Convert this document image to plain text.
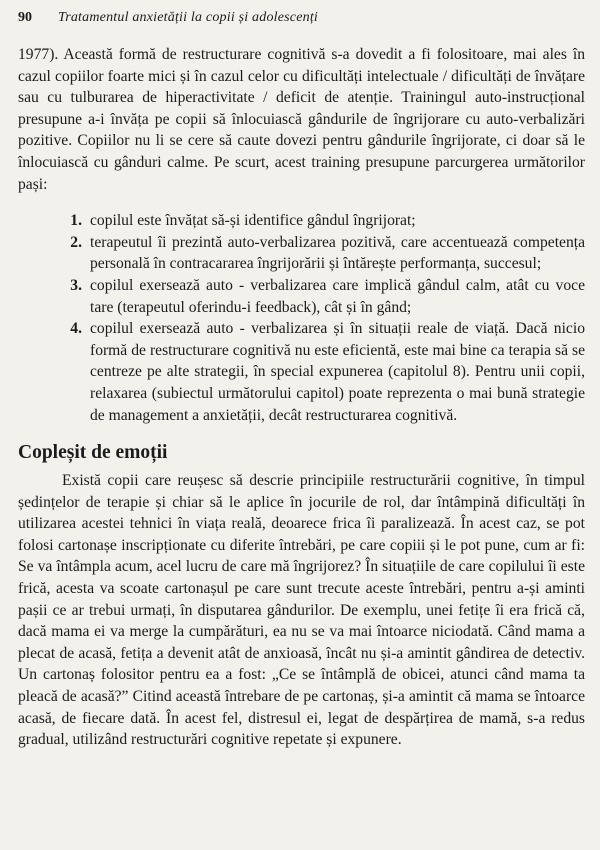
90	Tratamentul anxietății la copii și adolescenți

1977). Această formă de restructurare cognitivă s-a dovedit a fi folositoare, mai ales în cazul copiilor foarte mici și în cazul celor cu dificultăți intelectuale / dificultăți de învățare sau cu tulburarea de hiperactivitate / deficit de atenție. Trainingul auto-instrucțional presupune a-i învăța pe copii să înlocuiască gândurile de îngrijorare cu auto-verbalizări pozitive. Copiilor nu li se cere să caute dovezi pentru gândurile îngrijorate, ci doar să le înlocuiască cu gânduri calme. Pe scurt, acest training presupune parcurgerea următorilor pași:

1. copilul este învățat să-și identifice gândul îngrijorat;
2. terapeutul îi prezintă auto-verbalizarea pozitivă, care accentuează competența personală în contracararea îngrijorării și întărește performanța, succesul;
3. copilul exersează auto - verbalizarea care implică gândul calm, atât cu voce tare (terapeutul oferindu-i feedback), cât și în gând;
4. copilul exersează auto - verbalizarea și în situații reale de viață. Dacă nicio formă de restructurare cognitivă nu este eficientă, este mai bine ca terapia să se centreze pe alte strategii, în special expunerea (capitolul 8). Pentru unii copii, relaxarea (subiectul următorului capitol) poate reprezenta o mai bună strategie de management a anxietății, decât restructurarea cognitivă.
Copleșit de emoții

Există copii care reușesc să descrie principiile restructurării cognitive, în timpul ședințelor de terapie și chiar să le aplice în jocurile de rol, dar întâmpină dificultăți în utilizarea acestei tehnici în viața reală, deoarece frica îi paralizează. În acest caz, se pot folosi cartonașe inscripționate cu diferite întrebări, pe care copiii și le pot pune, cum ar fi: Se va întâmpla acum, acel lucru de care mă îngrijorez? În situațiile de care copilului îi este frică, acesta va scoate cartonașul pe care sunt trecute aceste întrebări, pentru a-și aminti pașii ce ar trebui urmați, în disputarea gândurilor. De exemplu, unei fetițe îi era frică că, dacă mama ei va merge la cumpărături, ea nu se va mai întoarce niciodată. Când mama a plecat de acasă, fetița a devenit atât de anxioasă, încât nu și-a amintit gândirea de detectiv. Un cartonaș folositor pentru ea a fost: „Ce se întâmplă de obicei, atunci când mama ta pleacă de acasă?” Citind această întrebare de pe cartonaș, și-a amintit că mama se întoarce acasă, de fiecare dată. În acest fel, distresul ei, legat de despărțirea de mamă, s-a redus gradual, utilizând restructurări cognitive repetate și expunere.
